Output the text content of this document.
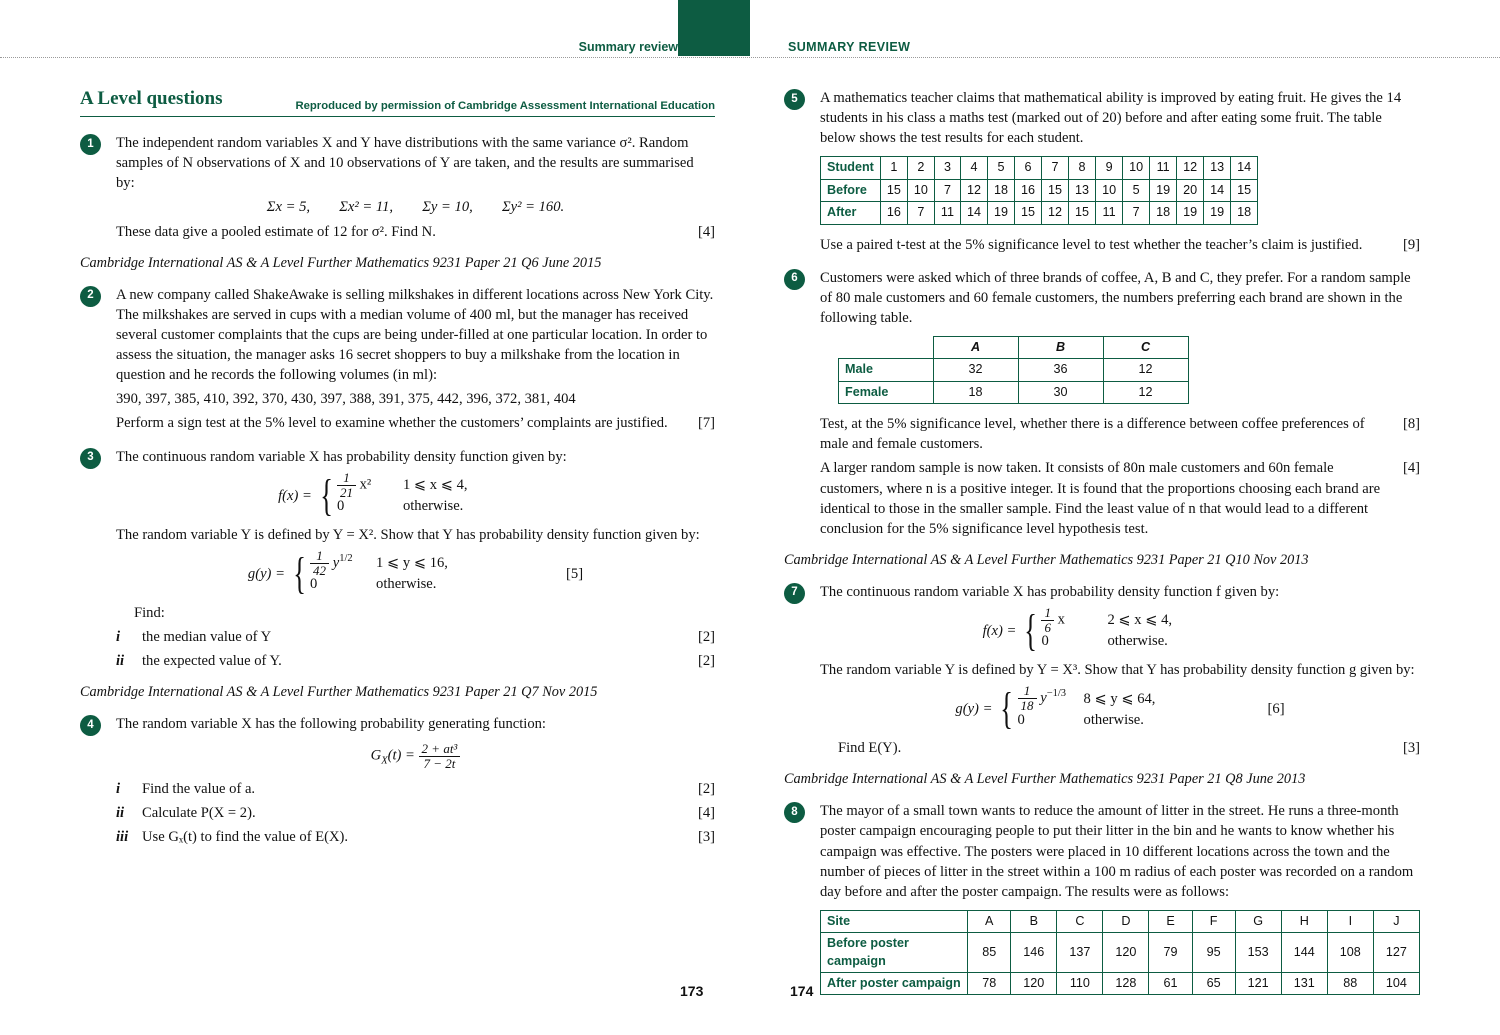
Summary review	SUMMARY REVIEW
A Level questions	Reproduced by permission of Cambridge Assessment International Education
1	The independent random variables X and Y have distributions with the same variance σ². Random samples of N observations of X and 10 observations of Y are taken, and the results are summarised by:

Σx = 5,  Σx² = 11,  Σy = 10,  Σy² = 160.

[4]
These data give a pooled estimate of 12 for σ². Find N.

Cambridge International AS & A Level Further Mathematics 9231 Paper 21 Q6 June 2015
2	A new company called ShakeAwake is selling milkshakes in different locations across New York City. The milkshakes are served in cups with a median volume of 400 ml, but the manager has received several customer complaints that the cups are being under-filled at one particular location. In order to assess the situation, the manager asks 16 secret shoppers to buy a milkshake from the location in question and he records the following volumes (in ml):

390, 397, 385, 410, 392, 370, 430, 397, 388, 391, 375, 442, 396, 372, 381, 404

[7]
Perform a sign test at the 5% level to examine whether the customers’ complaints are justified.

3	The continuous random variable X has probability density function given by:

f(x) = { $\frac{1}{21} x^2$	1 ⩽ x ⩽ 4,
0	otherwise.

The random variable Y is defined by Y = X². Show that Y has probability density function given by:

g(y) = { $\frac{1}{42} y^{1/2}$	1 ⩽ y ⩽ 16,
0	otherwise.
[5]

Find:

i	[2]
the median value of Y
ii	[2]
the expected value of Y.
Cambridge International AS & A Level Further Mathematics 9231 Paper 21 Q7 Nov 2015
4	The random variable X has the following probability generating function:

$G_X(t) = \frac{\text{2 + at³}}{7 - 2t}$
i	[2]
Find the value of a.
ii	[4]
Calculate P(X = 2).
iii	[3]
Use Gₓ(t) to find the value of E(X).
5	A mathematics teacher claims that mathematical ability is improved by eating fruit. He gives the 14 students in his class a maths test (marked out of 20) before and after eating some fruit. The table below shows the test results for each student.

Student	1	2	3	4	5	6	7	8	9	10	11	12	13	14
Before	15	10	7	12	18	16	15	13	10	5	19	20	14	15
After	16	7	11	14	19	15	12	15	11	7	18	19	19	18

[9]
Use a paired t-test at the 5% significance level to test whether the teacher’s claim is justified.

6	Customers were asked which of three brands of coffee, A, B and C, they prefer. For a random sample of 80 male customers and 60 female customers, the numbers preferring each brand are shown in the following table.

	A	B	C
Male	32	36	12
Female	18	30	12

[8]
Test, at the 5% significance level, whether there is a difference between coffee preferences of male and female customers.

[4]
A larger random sample is now taken. It consists of 80n male customers and 60n female customers, where n is a positive integer. It is found that the proportions choosing each brand are identical to those in the smaller sample. Find the least value of n that would lead to a different conclusion for the 5% significance level hypothesis test.

Cambridge International AS & A Level Further Mathematics 9231 Paper 21 Q10 Nov 2013
7	The continuous random variable X has probability density function f given by:

f(x) = { $\frac{1}{6}$ x	2 ⩽ x ⩽ 4,
0	otherwise.

The random variable Y is defined by Y = X³. Show that Y has probability density function g given by:

g(y) = { $\frac{1}{18} y^{-1/3}$	8 ⩽ y ⩽ 64,
0	otherwise.
[6]

[3]
Find E(Y).

Cambridge International AS & A Level Further Mathematics 9231 Paper 21 Q8 June 2013
8	The mayor of a small town wants to reduce the amount of litter in the street. He runs a three-month poster campaign encouraging people to put their litter in the bin and he wants to know whether his campaign was effective. The posters were placed in 10 different locations across the town and the number of pieces of litter in the street within a 100 m radius of each poster was recorded on a random day before and after the poster campaign. The results were as follows:

Site	A	B	C	D	E	F	G	H	I	J
Before poster campaign	85	146	137	120	79	95	153	144	108	127
After poster campaign	78	120	110	128	61	65	121	131	88	104
173	174
